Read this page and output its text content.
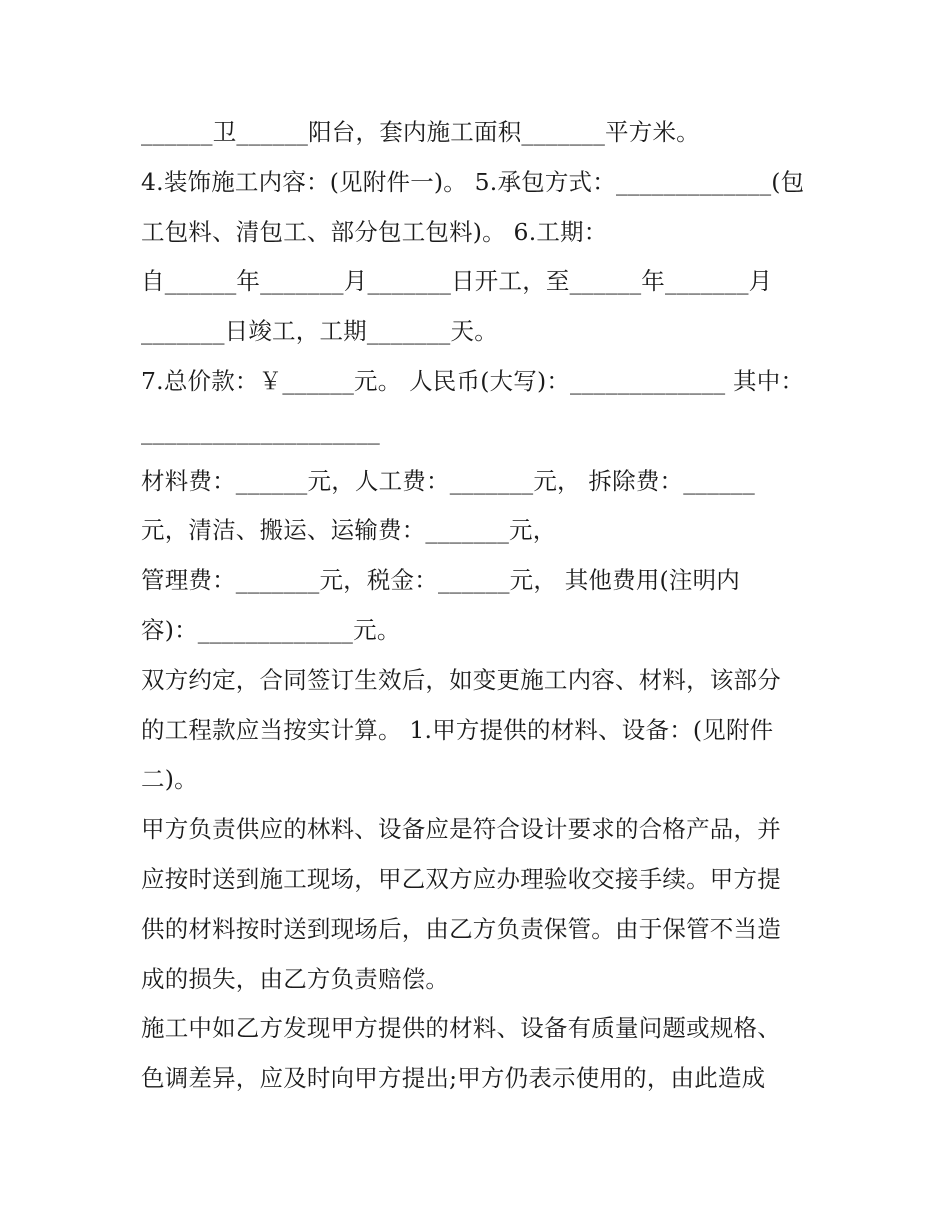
______卫______阳台，套内施工面积_______平方米。
4.装饰施工内容：(见附件一)。 5.承包方式：_____________(包
工包料、清包工、部分包工包料)。 6.工期：
自______年_______月_______日开工，至______年_______月
_______日竣工，工期_______天。
7.总价款：￥______元。 人民币(大写)：_____________ 其中：
____________________
材料费：______元，人工费：_______元， 拆除费：______
元，清洁、搬运、运输费：_______元，
管理费：_______元，税金：______元， 其他费用(注明内
容)：_____________元。
双方约定，合同签订生效后，如变更施工内容、材料，该部分
的工程款应当按实计算。 1.甲方提供的材料、设备：(见附件
二)。
甲方负责供应的林料、设备应是符合设计要求的合格产品，并
应按时送到施工现场，甲乙双方应办理验收交接手续。甲方提
供的材料按时送到现场后，由乙方负责保管。由于保管不当造
成的损失，由乙方负责赔偿。
施工中如乙方发现甲方提供的材料、设备有质量问题或规格、
色调差异，应及时向甲方提出;甲方仍表示使用的，由此造成
